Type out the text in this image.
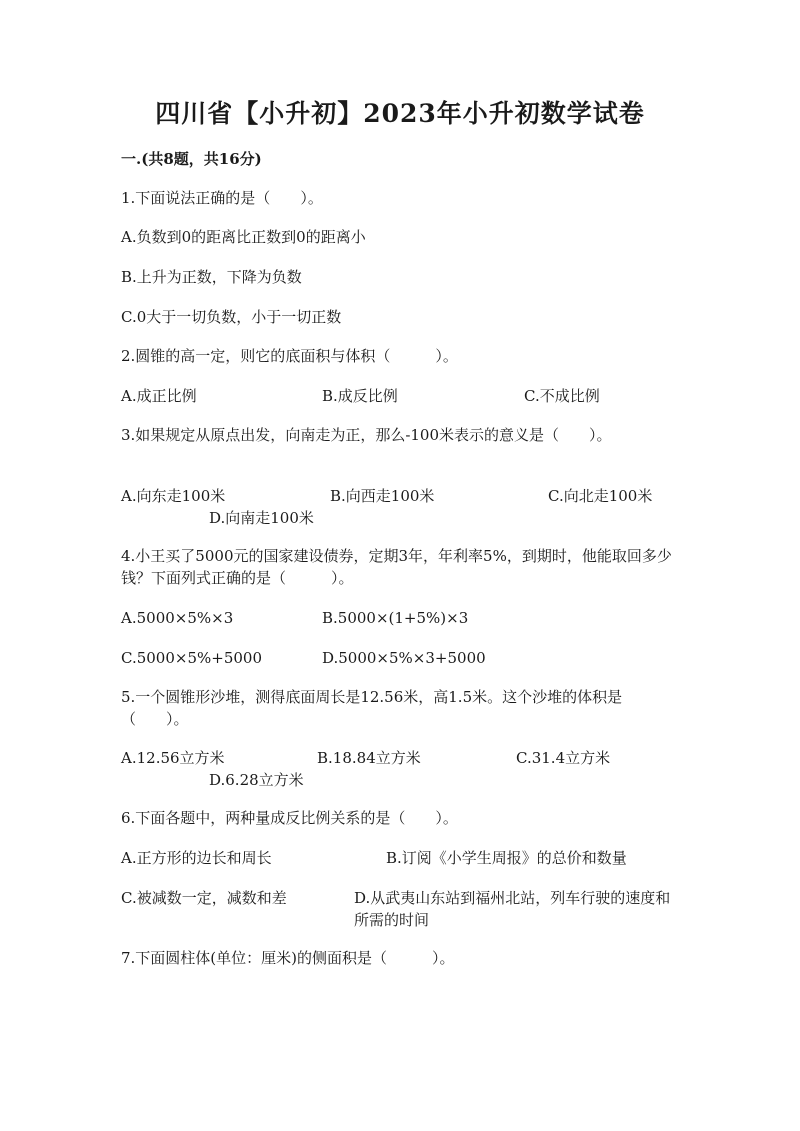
四川省【小升初】2023年小升初数学试卷
一.(共8题，共16分)
1.下面说法正确的是（　　）。
A.负数到0的距离比正数到0的距离小
B.上升为正数，下降为负数
C.0大于一切负数，小于一切正数
2.圆锥的高一定，则它的底面积与体积（　　　）。
A.成正比例	B.成反比例	C.不成比例
3.如果规定从原点出发，向南走为正，那么-100米表示的意义是（　　）。
A.向东走100米	B.向西走100米	C.向北走100米
D.向南走100米
4.小王买了5000元的国家建设债券，定期3年，年利率5%，到期时，他能取回多少钱？下面列式正确的是（　　　）。
A.5000×5%×3	B.5000×(1+5%)×3
C.5000×5%+5000	D.5000×5%×3+5000
5.一个圆锥形沙堆，测得底面周长是12.56米，高1.5米。这个沙堆的体积是（　　）。
A.12.56立方米	B.18.84立方米	C.31.4立方米
D.6.28立方米
6.下面各题中，两种量成反比例关系的是（　　）。
A.正方形的边长和周长	B.订阅《小学生周报》的总价和数量
C.被减数一定，减数和差	D.从武夷山东站到福州北站，列车行驶的速度和所需的时间
7.下面圆柱体(单位：厘米)的侧面积是（　　　）。
